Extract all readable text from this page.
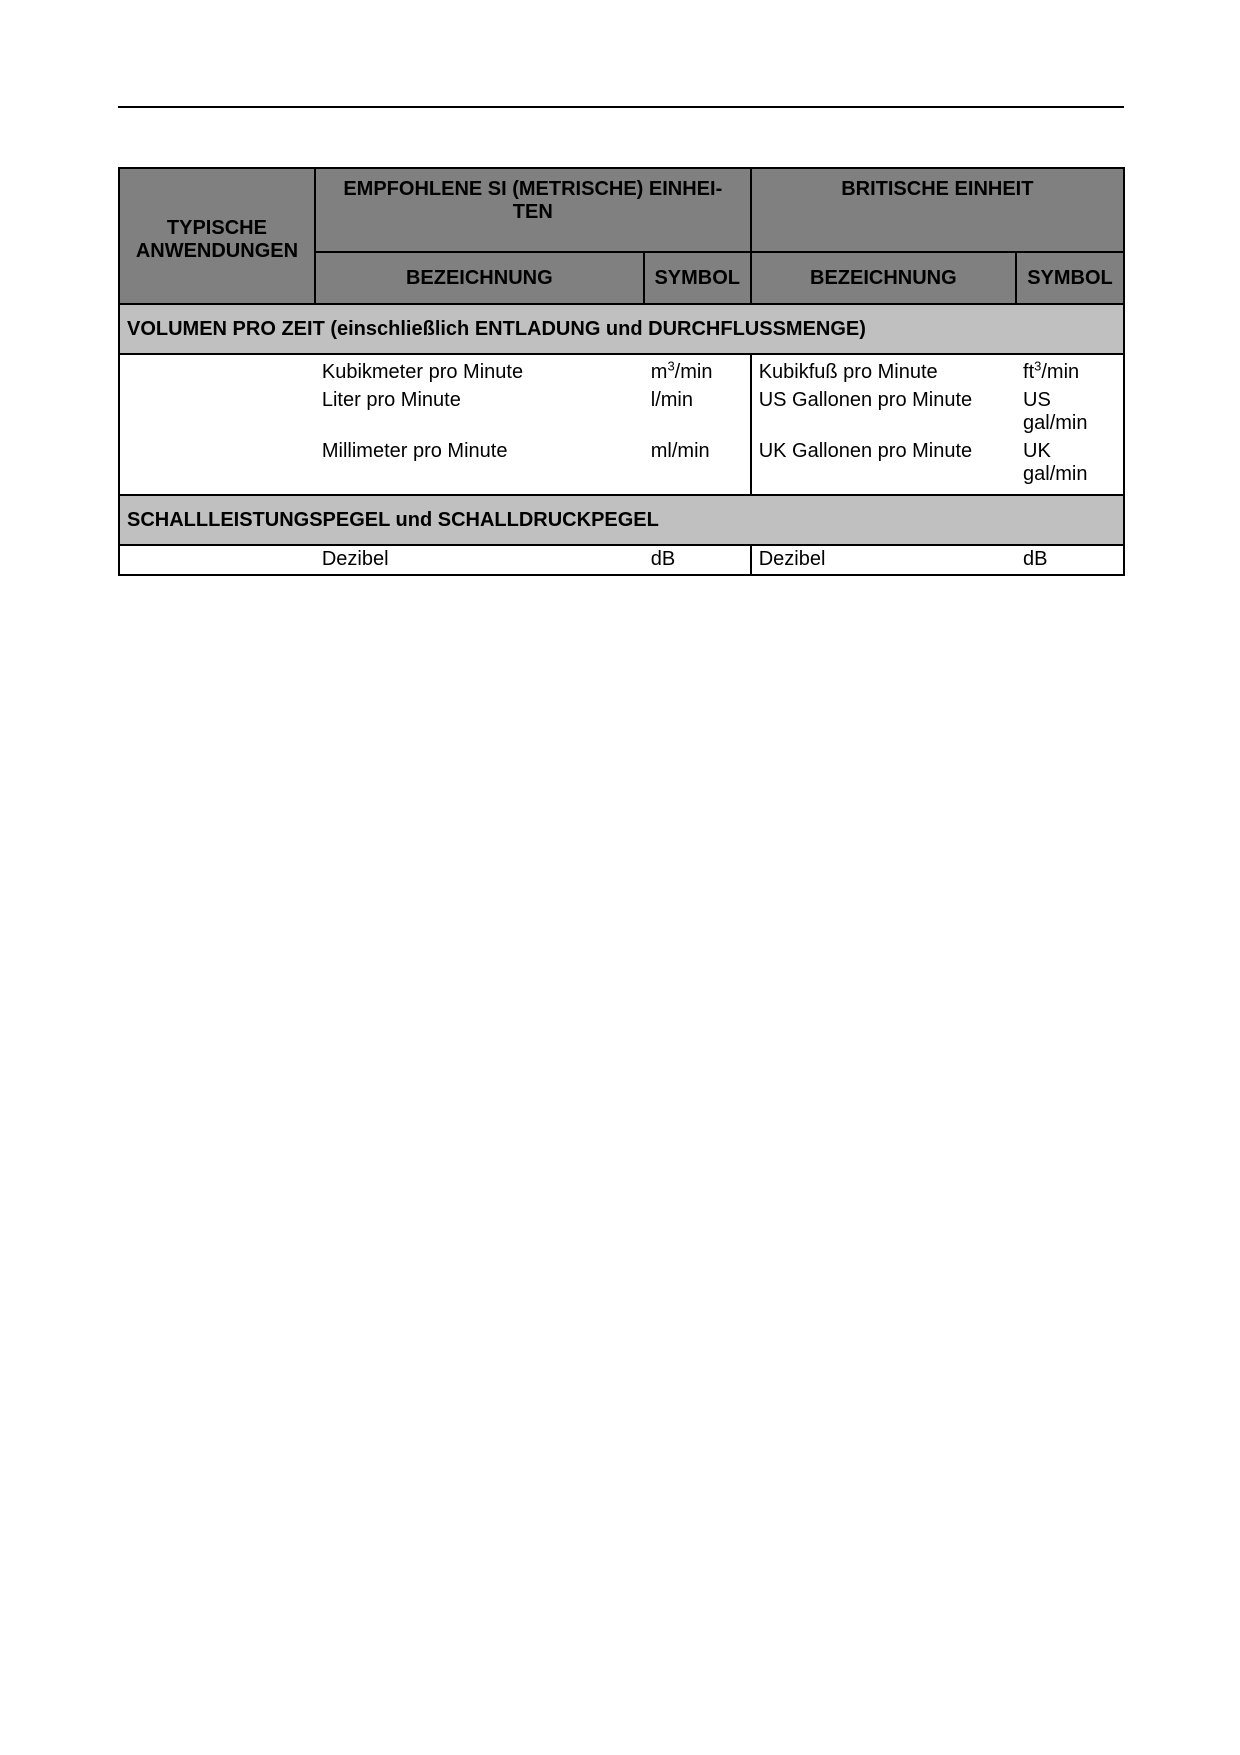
TYPISCHE ANWENDUNGEN	EMPFOHLENE SI (METRISCHE) EINHEI- TEN		BRITISCHE EINHEIT	
	BEZEICHNUNG	SYMBOL	BEZEICHNUNG	SYMBOL
VOLUMEN PRO ZEIT (einschließlich ENTLADUNG und DURCHFLUSSMENGE)				
	Kubikmeter pro Minute	$m^3/\min$	Kubikfuß pro Minute	$ft^3/\min$
	Liter pro Minute	l/min	US Gallonen pro Minute	US gal/min
	Millimeter pro Minute	ml/min	UK Gallonen pro Minute	UK gal/min
SCHALLLEISTUNGSPEGEL und SCHALLDRUCKPEGEL				
	Dezibel	dB	Dezibel	dB
